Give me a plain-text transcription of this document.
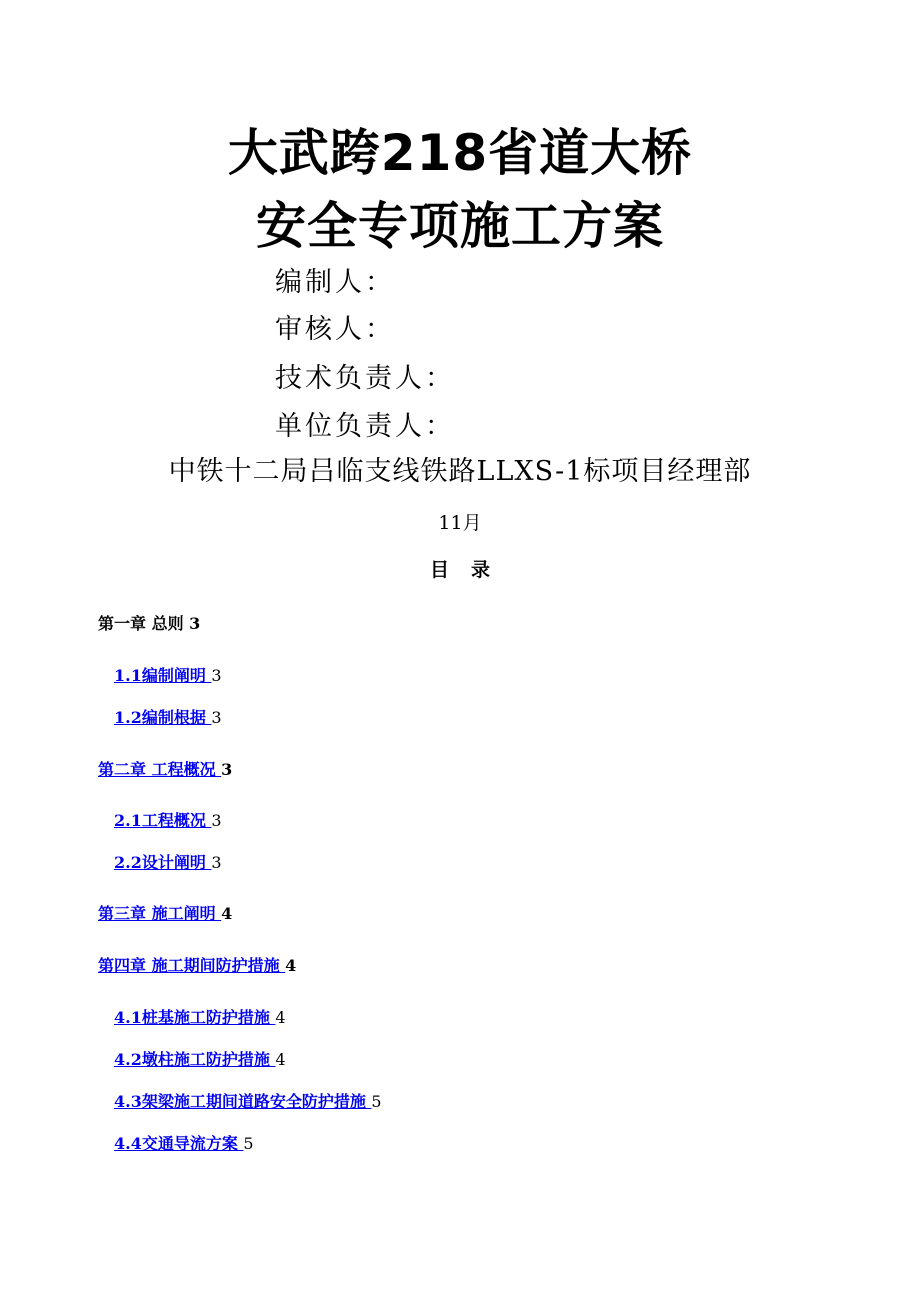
大武跨218省道大桥
安全专项施工方案
编制人：
审核人：
技术负责人：
单位负责人：
中铁十二局吕临支线铁路LLXS-1标项目经理部
11月
目录
第一章 总则 3
1.1编制阐明 3
1.2编制根据 3
第二章 工程概况 3
2.1工程概况 3
2.2设计阐明 3
第三章 施工阐明 4
第四章 施工期间防护措施 4
4.1桩基施工防护措施 4
4.2墩柱施工防护措施 4
4.3架梁施工期间道路安全防护措施 5
4.4交通导流方案 5
